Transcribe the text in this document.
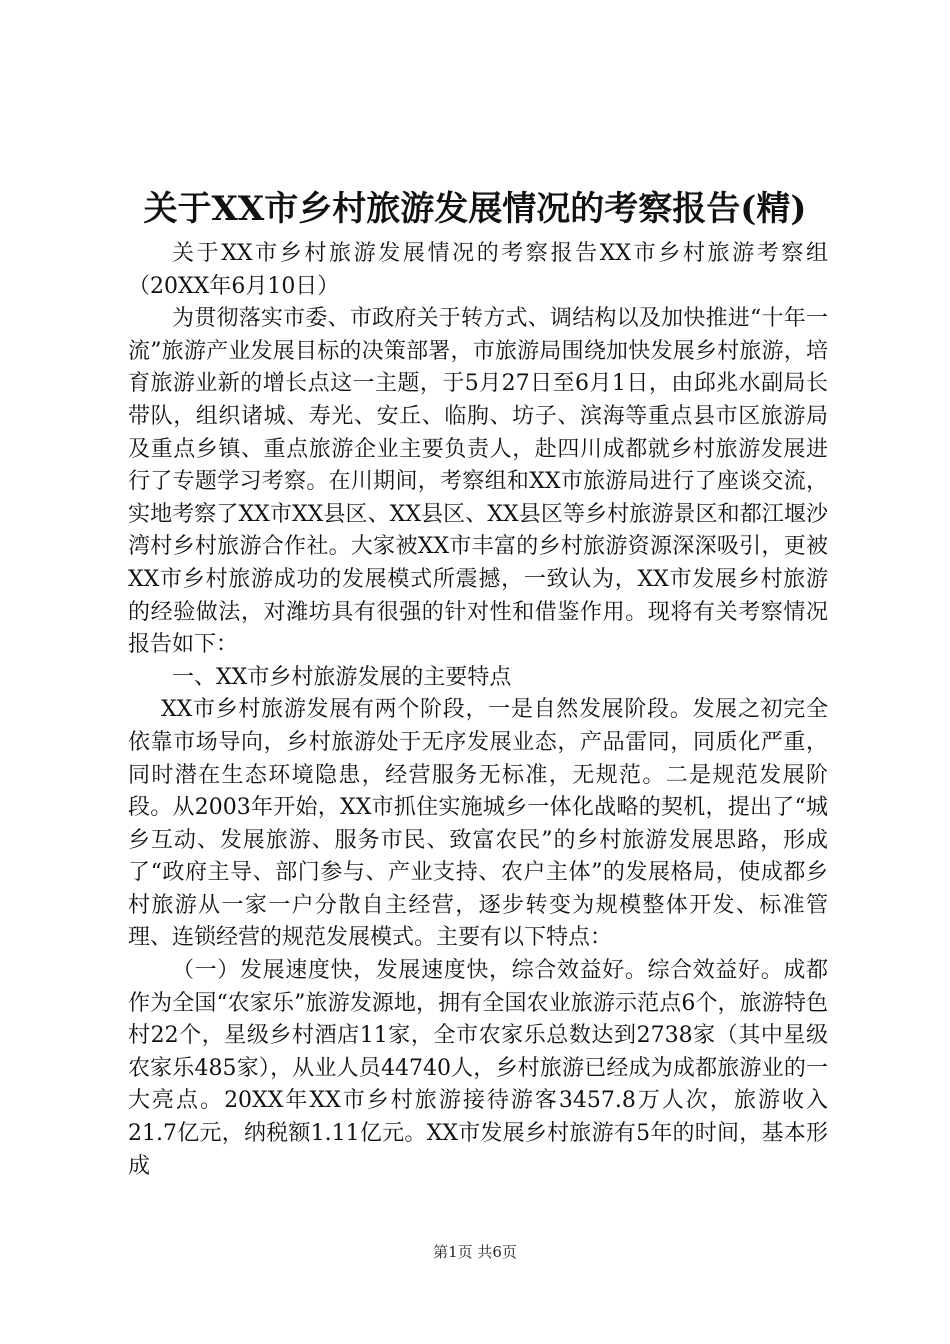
关于XX市乡村旅游发展情况的考察报告(精)

关于XX市乡村旅游发展情况的考察报告XX市乡村旅游考察组（20XX年6月10日）

为贯彻落实市委、市政府关于转方式、调结构以及加快推进“十年一流”旅游产业发展目标的决策部署，市旅游局围绕加快发展乡村旅游，培育旅游业新的增长点这一主题，于5月27日至6月1日，由邱兆水副局长带队，组织诸城、寿光、安丘、临朐、坊子、滨海等重点县市区旅游局及重点乡镇、重点旅游企业主要负责人，赴四川成都就乡村旅游发展进行了专题学习考察。在川期间，考察组和XX市旅游局进行了座谈交流，实地考察了XX市XX县区、XX县区、XX县区等乡村旅游景区和都江堰沙湾村乡村旅游合作社。大家被XX市丰富的乡村旅游资源深深吸引，更被XX市乡村旅游成功的发展模式所震撼，一致认为，XX市发展乡村旅游的经验做法，对潍坊具有很强的针对性和借鉴作用。现将有关考察情况报告如下：

一、XX市乡村旅游发展的主要特点

XX市乡村旅游发展有两个阶段，一是自然发展阶段。发展之初完全依靠市场导向，乡村旅游处于无序发展业态，产品雷同，同质化严重，同时潜在生态环境隐患，经营服务无标准，无规范。二是规范发展阶段。从2003年开始，XX市抓住实施城乡一体化战略的契机，提出了“城乡互动、发展旅游、服务市民、致富农民”的乡村旅游发展思路，形成了“政府主导、部门参与、产业支持、农户主体”的发展格局，使成都乡村旅游从一家一户分散自主经营，逐步转变为规模整体开发、标准管理、连锁经营的规范发展模式。主要有以下特点：

（一）发展速度快，发展速度快，综合效益好。综合效益好。成都作为全国“农家乐”旅游发源地，拥有全国农业旅游示范点6个，旅游特色村22个，星级乡村酒店11家，全市农家乐总数达到2738家（其中星级农家乐485家），从业人员44740人，乡村旅游已经成为成都旅游业的一大亮点。20XX年XX市乡村旅游接待游客3457.8万人次，旅游收入21.7亿元，纳税额1.11亿元。XX市发展乡村旅游有5年的时间，基本形成

第1页 共6页
